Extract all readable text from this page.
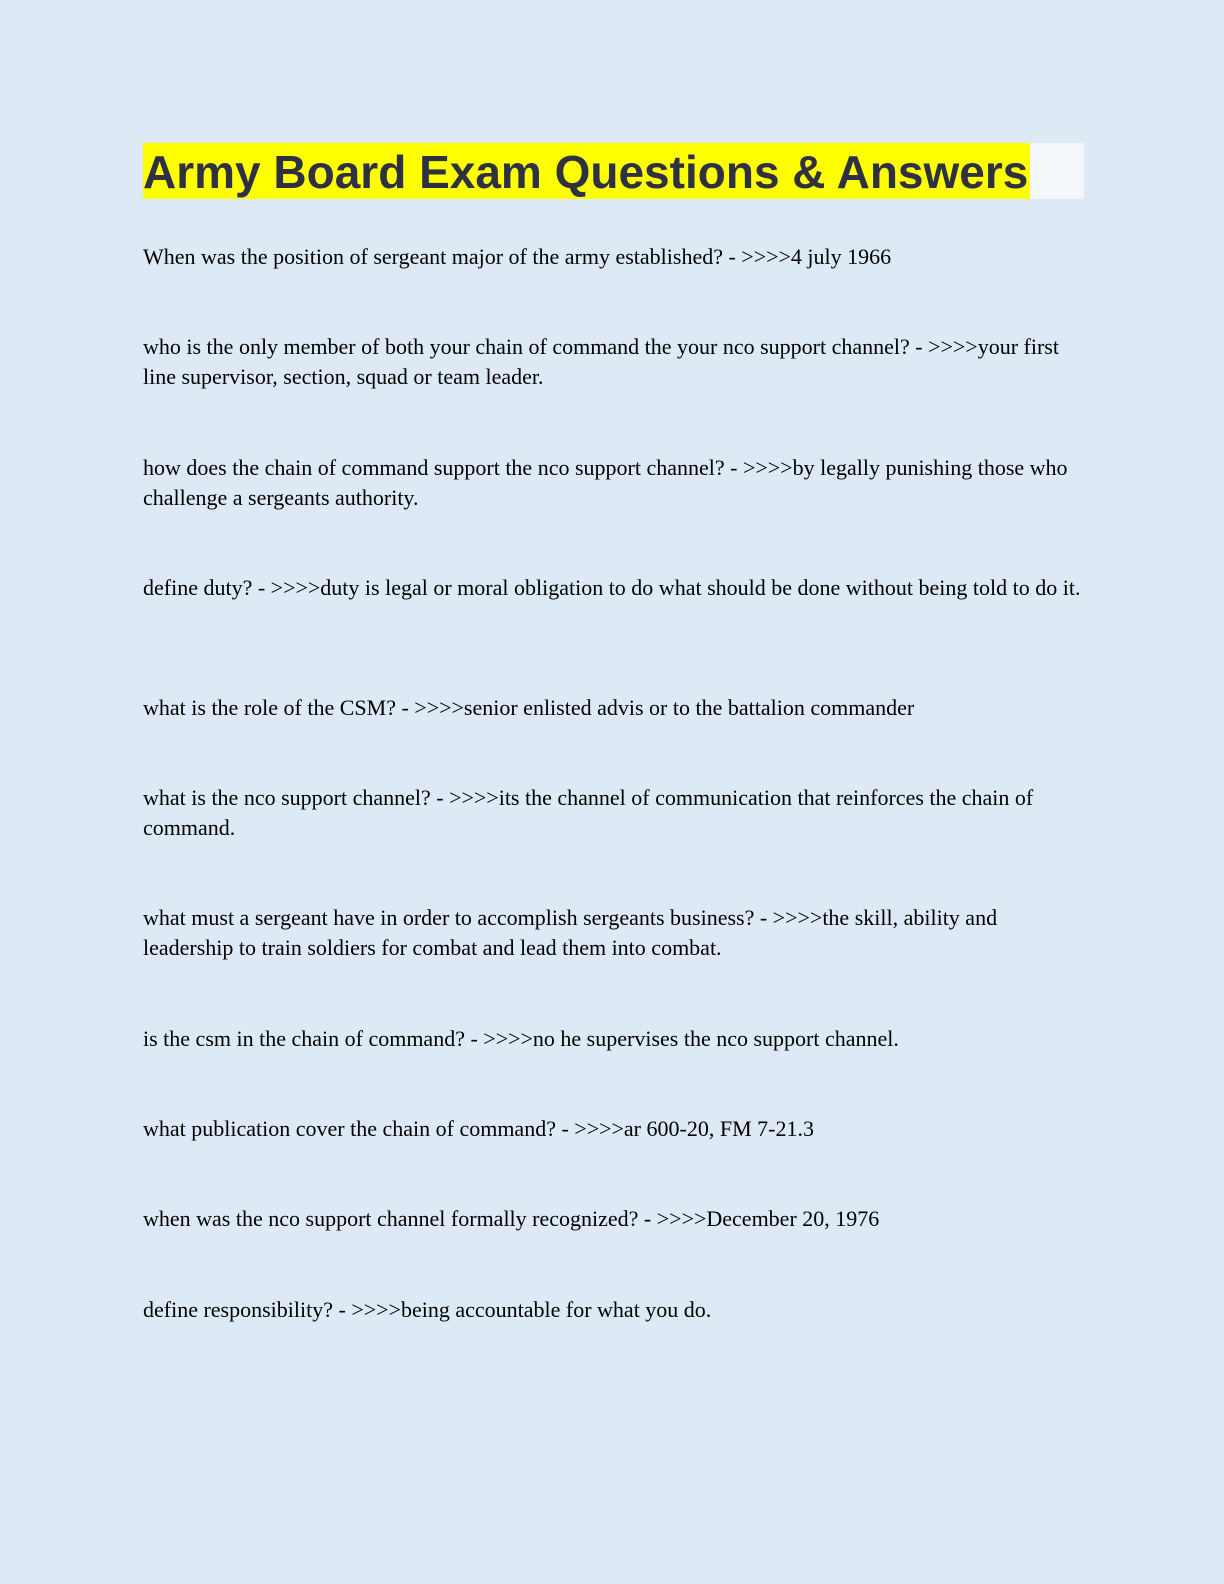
Army Board Exam Questions & Answers

When was the position of sergeant major of the army established? - >>>>4 july 1966

who is the only member of both your chain of command the your nco support channel? - >>>>your first line supervisor, section, squad or team leader.

how does the chain of command support the nco support channel? - >>>>by legally punishing those who challenge a sergeants authority.

define duty? - >>>>duty is legal or moral obligation to do what should be done without being told to do it.

what is the role of the CSM? - >>>>senior enlisted advis or to the battalion commander

what is the nco support channel? - >>>>its the channel of communication that reinforces the chain of command.

what must a sergeant have in order to accomplish sergeants business? - >>>>the skill, ability and leadership to train soldiers for combat and lead them into combat.

is the csm in the chain of command? - >>>>no he supervises the nco support channel.

what publication cover the chain of command? - >>>>ar 600-20, FM 7-21.3

when was the nco support channel formally recognized? - >>>>December 20, 1976

define responsibility? - >>>>being accountable for what you do.
